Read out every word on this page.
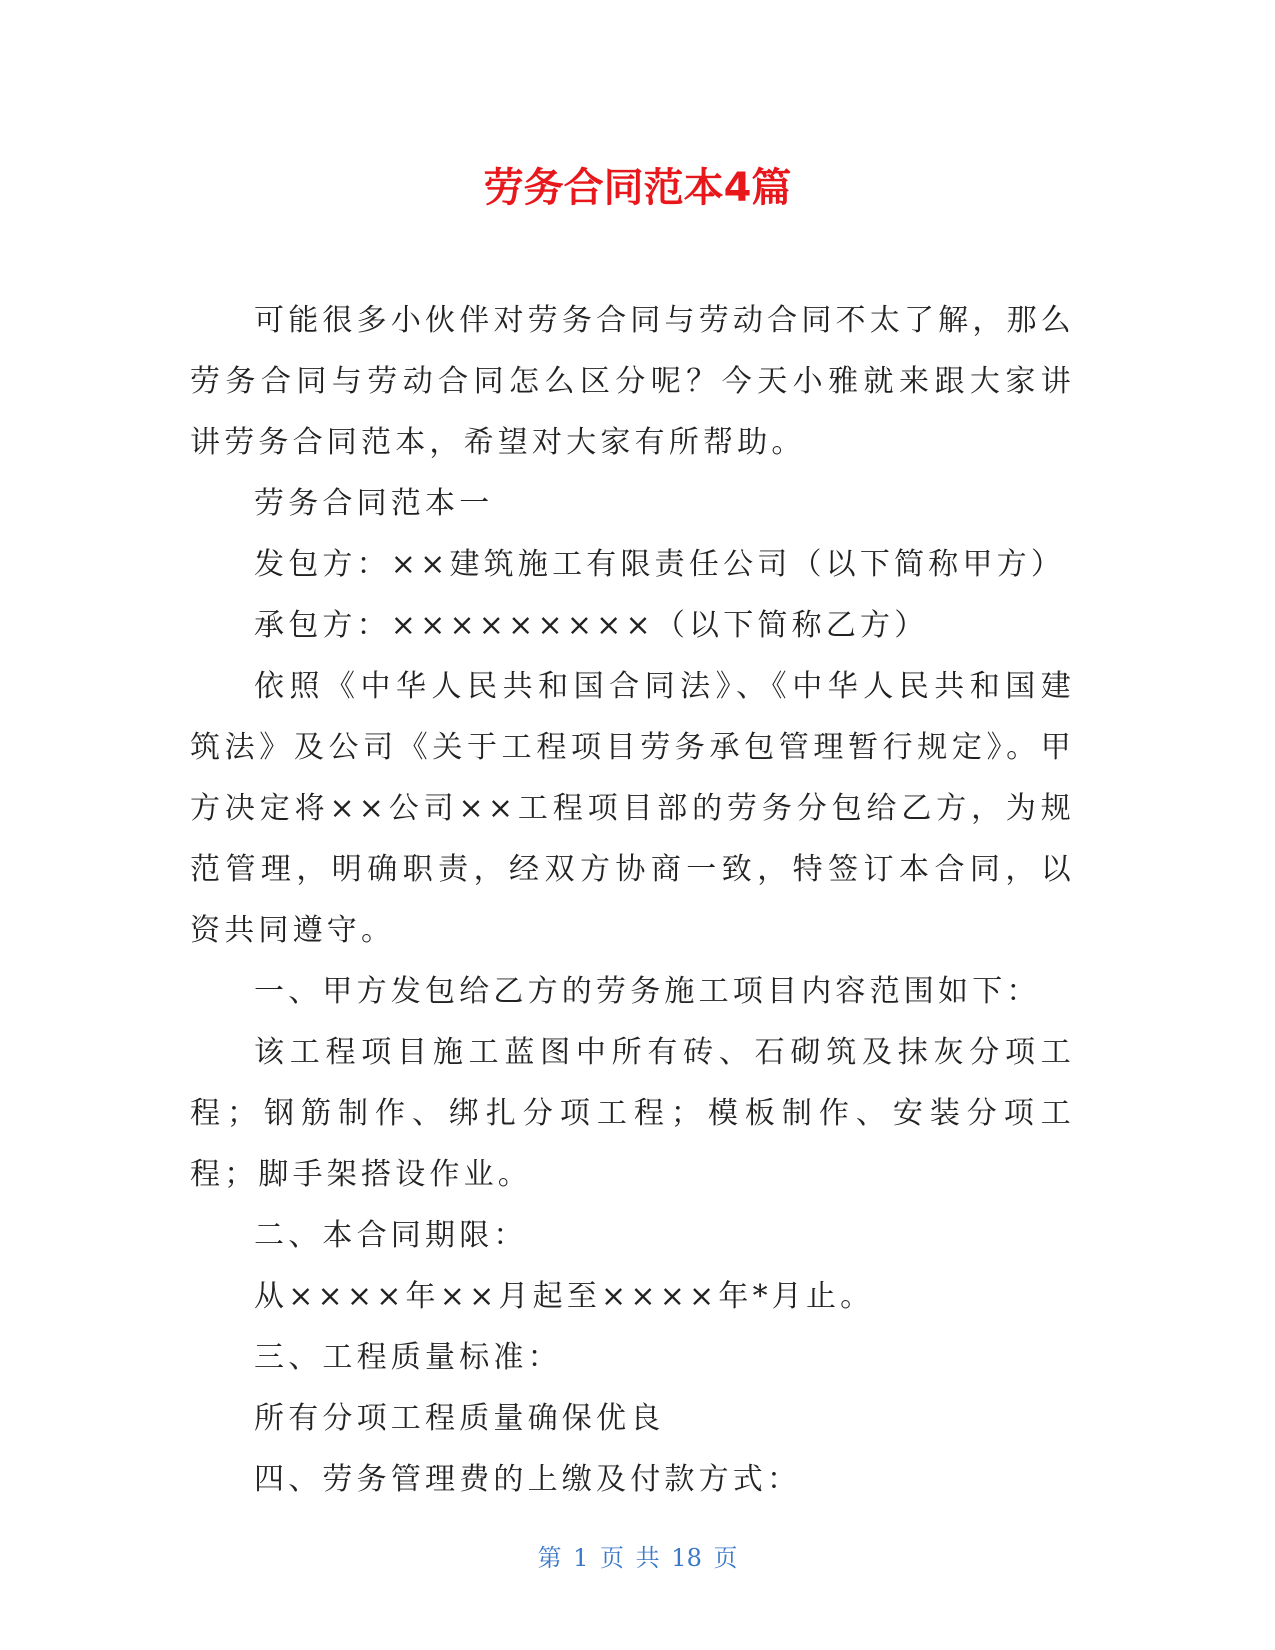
劳务合同范本4篇

可能很多小伙伴对劳务合同与劳动合同不太了解，那么劳务合同与劳动合同怎么区分呢？今天小雅就来跟大家讲讲劳务合同范本，希望对大家有所帮助。

劳务合同范本一

发包方：××建筑施工有限责任公司（以下简称甲方）

承包方：×××××××××（以下简称乙方）

依照《中华人民共和国合同法》、《中华人民共和国建筑法》及公司《关于工程项目劳务承包管理暂行规定》。甲方决定将××公司××工程项目部的劳务分包给乙方，为规范管理，明确职责，经双方协商一致，特签订本合同，以资共同遵守。

一、甲方发包给乙方的劳务施工项目内容范围如下：

该工程项目施工蓝图中所有砖、石砌筑及抹灰分项工程；钢筋制作、绑扎分项工程；模板制作、安装分项工程；脚手架搭设作业。

二、本合同期限：

从××××年××月起至××××年*月止。

三、工程质量标准：

所有分项工程质量确保优良

四、劳务管理费的上缴及付款方式：

第 1 页 共 18 页
